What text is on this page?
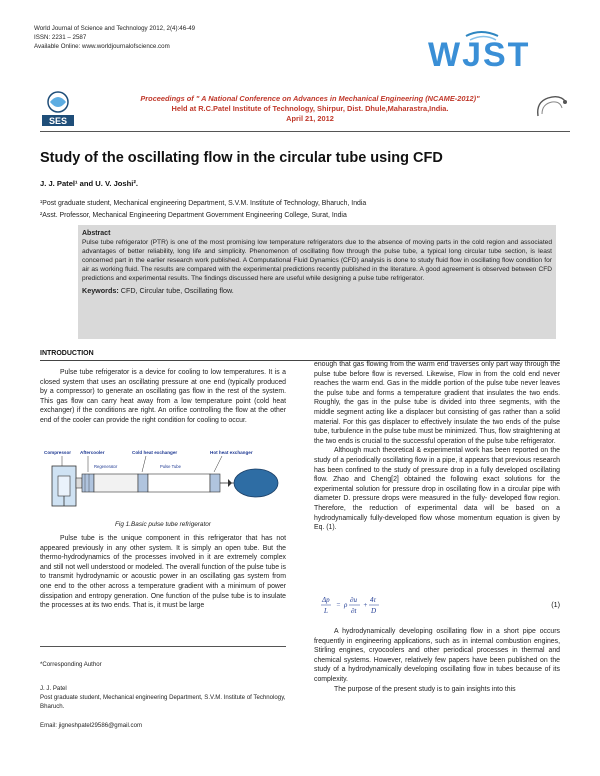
World Journal of Science and Technology 2012, 2(4):46-49
ISSN: 2231 – 2587
Available Online: www.worldjournalofscience.com	WJST
SES
Proceedings of " A National Conference on Advances in Mechanical Engineering (NCAME-2012)"
Held at R.C.Patel Institute of Technology, Shirpur, Dist. Dhule,Maharastra,India.
April 21, 2012
Study of the oscillating flow in the circular tube using CFD
J. J. Patel¹ and U. V. Joshi².
¹Post graduate student, Mechanical engineering Department, S.V.M. Institute of Technology, Bharuch, India
²Asst. Professor, Mechanical Engineering Department Government Engineering College, Surat, India
Abstract
Pulse tube refrigerator (PTR) is one of the most promising low temperature refrigerators due to the absence of moving parts in the cold region and associated advantages of better reliability, long life and simplicity. Phenomenon of oscillating flow through the pulse tube, a typical long circular tube section, is least concerned part in the earlier research work published. A Computational Fluid Dynamics (CFD) analysis is done to study fluid flow in oscillating flow condition for air as working fluid. The results are compared with the experimental predictions recently published in the literature. A good agreement is observed between CFD predictions and experimental results. The findings discussed here are useful while designing a pulse tube refrigerator.
Keywords: CFD, Circular tube, Oscillating flow.
INTRODUCTION

Pulse tube refrigerator is a device for cooling to low temperatures. It is a closed system that uses an oscillating pressure at one end (typically produced by a compressor) to generate an oscillating gas flow in the rest of the system. This gas flow can carry heat away from a low temperature point (cold heat exchanger) if the conditions are right. An orifice controlling the flow at the other end of the cooler can provide the right condition for cooling to occur.

Compressor Aftercooler	Cold heat exchanger	Hot heat exchanger
Regenerator	Pulse Tube
Fig 1.Basic pulse tube refrigerator

Pulse tube is the unique component in this refrigerator that has not appeared previously in any other system. It is simply an open tube. But the thermo-hydrodynamics of the processes involved in it are extremely complex and still not well understood or modeled. The overall function of the pulse tube is to transmit hydrodynamic or acoustic power in an oscillating gas system from one end to the other across a temperature gradient with a minimum of power dissipation and entropy generation. One function of the pulse tube is to insulate the processes at its two ends. That is, it must be large

*Corresponding Author
J. J. Patel
Post graduate student, Mechanical engineering Department, S.V.M. Institute of Technology, Bharuch.
Email: jigneshpatel29586@gmail.com

enough that gas flowing from the warm end traverses only part way through the pulse tube before flow is reversed. Likewise, Flow in from the cold end never reaches the warm end. Gas in the middle portion of the pulse tube never leaves the pulse tube and forms a temperature gradient that insulates the two ends. Roughly, the gas in the pulse tube is divided into three segments, with the middle segment acting like a displacer but consisting of gas rather than a solid material. For this gas displacer to effectively insulate the two ends of the pulse tube, turbulence in the pulse tube must be minimized. Thus, flow straightening at the two ends is crucial to the successful operation of the pulse tube refrigerator.

Although much theoretical & experimental work has been reported on the study of a periodically oscillating flow in a pipe, it appears that previous research has been confined to the study of pressure drop in a fully developed oscillating flow. Zhao and Cheng[2] obtained the following exact solutions for the experimental solution for pressure drop in oscillating flow in a circular pipe with diameter D. pressure drops were measured in the fully- developed flow region. Therefore, the reduction of experimental data will be based on a hydrodynamically fully-developed flow whose momentum equation is given by Eq. (1).

Δp
L
= ρ
∂u
∂t
+
4τ
D
(1)

A hydrodynamically developing oscillating flow in a short pipe occurs frequently in engineering applications, such as in internal combustion engines, Stirling engines, cryocoolers and other periodical processes in thermal and chemical systems. However, relatively few papers have been published on the study of a hydrodynamically developing oscillating flow in tubes because of its complexity.

The purpose of the present study is to gain insights into this
